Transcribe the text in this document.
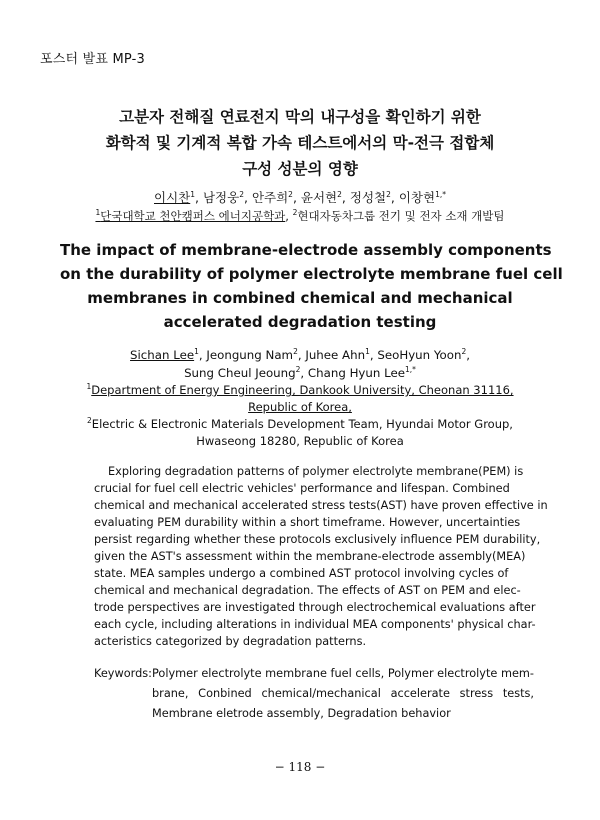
포스터 발표 MP-3
고분자 전해질 연료전지 막의 내구성을 확인하기 위한
화학적 및 기계적 복합 가속 테스트에서의 막-전극 접합체
구성 성분의 영향
이시찬$^1$, 남정웅$^2$, 안주희$^2$, 윤서현$^2$, 정성철$^2$, 이창현$^{1,*}$
$^1$단국대학교 천안캠퍼스 에너지공학과, $^2$현대자동차그룹 전기 및 전자 소재 개발팀
The impact of membrane-electrode assembly components
on the durability of polymer electrolyte membrane fuel cell
membranes in combined chemical and mechanical
accelerated degradation testing
Sichan Lee$^1$, Jeongung Nam$^2$, Juhee Ahn$^1$, SeoHyun Yoon$^2$,
Sung Cheul Jeoung$^2$, Chang Hyun Lee$^{1,*}$
$^1$Department of Energy Engineering, Dankook University, Cheonan 31116,
Republic of Korea,
$^2$Electric & Electronic Materials Development Team, Hyundai Motor Group,
Hwaseong 18280, Republic of Korea
Exploring degradation patterns of polymer electrolyte membrane(PEM) is
crucial for fuel cell electric vehicles' performance and lifespan. Combined
chemical and mechanical accelerated stress tests(AST) have proven effective in
evaluating PEM durability within a short timeframe. However, uncertainties
persist regarding whether these protocols exclusively influence PEM durability,
given the AST's assessment within the membrane-electrode assembly(MEA)
state. MEA samples undergo a combined AST protocol involving cycles of
chemical and mechanical degradation. The effects of AST on PEM and elec-
trode perspectives are investigated through electrochemical evaluations after
each cycle, including alterations in individual MEA components' physical char-
acteristics categorized by degradation patterns.
Keywords: Polymer electrolyte membrane fuel cells, Polymer electrolyte mem-
brane, Conbined chemical/mechanical accelerate stress tests,
Membrane eletrode assembly, Degradation behavior
− 118 −
